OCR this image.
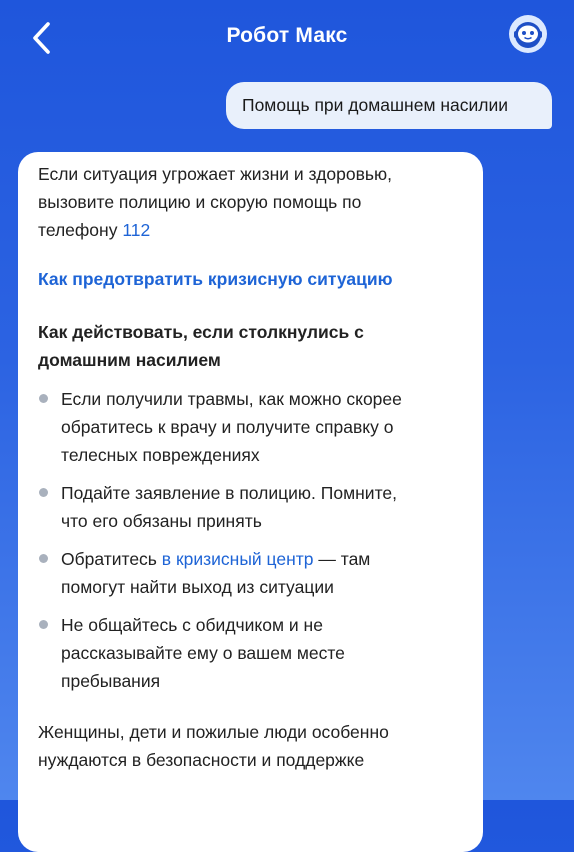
Робот Макс
Помощь при домашнем насилии
Если ситуация угрожает жизни и здоровью,
вызовите полицию и скорую помощь по
телефону 112
Как предотвратить кризисную ситуацию
Как действовать, если столкнулись с
домашним насилием
Если получили травмы, как можно скорее
обратитесь к врачу и получите справку о
телесных повреждениях
Подайте заявление в полицию. Помните,
что его обязаны принять
Обратитесь в кризисный центр — там
помогут найти выход из ситуации
Не общайтесь с обидчиком и не
рассказывайте ему о вашем месте
пребывания
Женщины, дети и пожилые люди особенно
нуждаются в безопасности и поддержке
